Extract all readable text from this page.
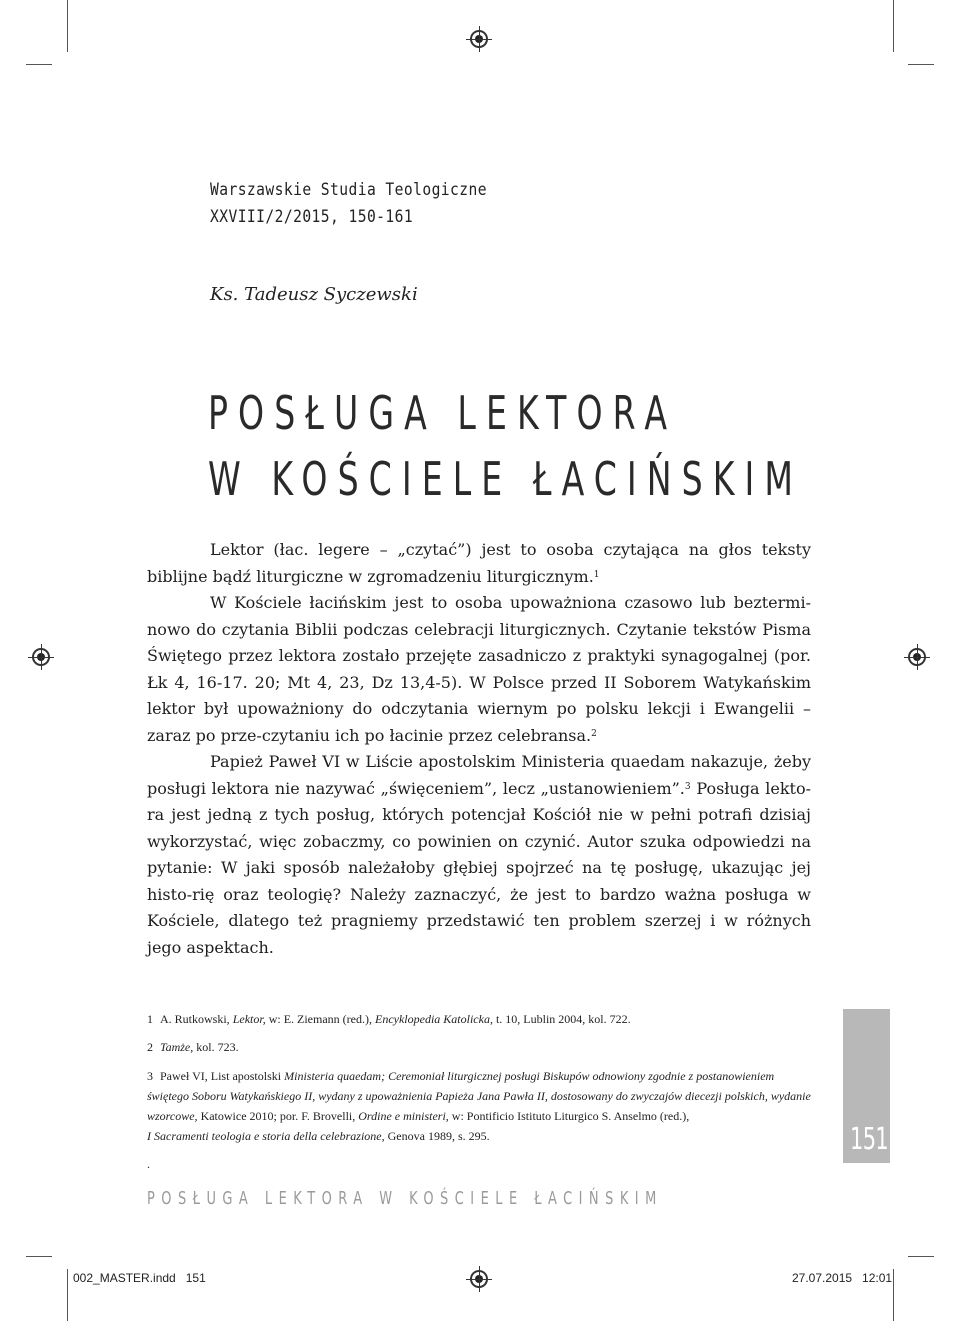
Warszawskie Studia Teologiczne
XXVIII/2/2015, 150-161
Ks. Tadeusz Syczewski
POSŁUGA LEKTORA
W KOŚCIELE ŁACIŃSKIM

Lektor (łac. legere – „czytać”) jest to osoba czytająca na głos teksty biblijne bądź liturgiczne w zgromadzeniu liturgicznym.$^1$

W Kościele łacińskim jest to osoba upoważniona czasowo lub beztermi-nowo do czytania Biblii podczas celebracji liturgicznych. Czytanie tekstów Pisma Świętego przez lektora zostało przejęte zasadniczo z praktyki synagogalnej (por. Łk 4, 16-17. 20; Mt 4, 23, Dz 13,4-5). W Polsce przed II Soborem Watykańskim lektor był upoważniony do odczytania wiernym po polsku lekcji i Ewangelii – zaraz po prze-czytaniu ich po łacinie przez celebransa.$^2$

Papież Paweł VI w Liście apostolskim Ministeria quaedam nakazuje, żeby posługi lektora nie nazywać „święceniem”, lecz „ustanowieniem”.$^3$ Posługa lekto-ra jest jedną z tych posług, których potencjał Kościół nie w pełni potrafi dzisiaj wykorzystać, więc zobaczmy, co powinien on czynić. Autor szuka odpowiedzi na pytanie: W jaki sposób należałoby głębiej spojrzeć na tę posługę, ukazując jej histo-rię oraz teologię? Należy zaznaczyć, że jest to bardzo ważna posługa w Kościele, dlatego też pragniemy przedstawić ten problem szerzej i w różnych jego aspektach.

1 A. Rutkowski, Lektor, w: E. Ziemann (red.), Encyklopedia Katolicka, t. 10, Lublin 2004, kol. 722.
2 Tamże, kol. 723.
3 Paweł VI, List apostolski Ministeria quaedam; Ceremoniał liturgicznej posługi Biskupów odnowiony zgodnie z postanowieniem świętego Soboru Watykańskiego II, wydany z upoważnienia Papieża Jana Pawła II, dostosowany do zwyczajów diecezji polskich, wydanie wzorcowe, Katowice 2010; por. F. Brovelli, Ordine e ministeri, w: Pontificio Istituto Liturgico S. Anselmo (red.),
I Sacramenti teologia e storia della celebrazione, Genova 1989, s. 295.
.
151
POSŁUGA LEKTORA W KOŚCIELE ŁACIŃSKIM
002_MASTER.indd   151	27.07.2015   12:01
